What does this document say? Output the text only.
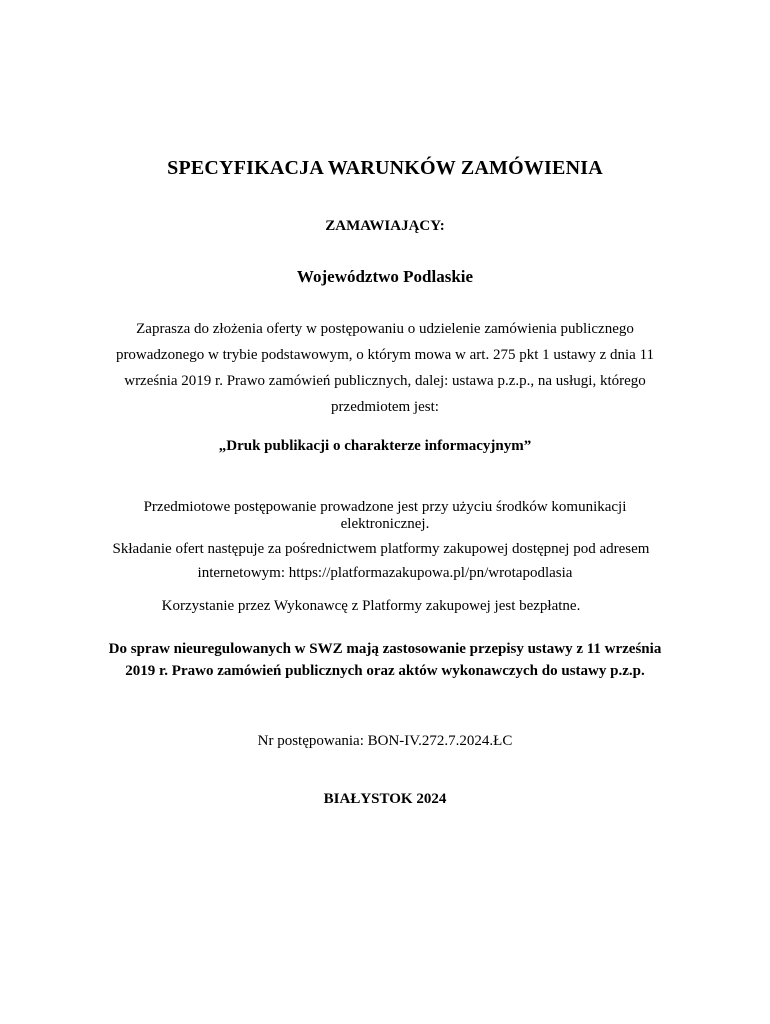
SPECYFIKACJA WARUNKÓW ZAMÓWIENIA
ZAMAWIAJĄCY:
Województwo Podlaskie
Zaprasza do złożenia oferty w postępowaniu o udzielenie zamówienia publicznego
prowadzonego w trybie podstawowym, o którym mowa w art. 275 pkt 1 ustawy z dnia 11
września 2019 r. Prawo zamówień publicznych, dalej: ustawa p.z.p., na usługi, którego
przedmiotem jest:
„Druk publikacji o charakterze informacyjnym”
Przedmiotowe postępowanie prowadzone jest przy użyciu środków komunikacji
elektronicznej.
Składanie ofert następuje za pośrednictwem platformy zakupowej dostępnej pod adresem
internetowym: https://platformazakupowa.pl/pn/wrotapodlasia
Korzystanie przez Wykonawcę z Platformy zakupowej jest bezpłatne.
Do spraw nieuregulowanych w SWZ mają zastosowanie przepisy ustawy z 11 września
2019 r. Prawo zamówień publicznych oraz aktów wykonawczych do ustawy p.z.p.
Nr postępowania: BON-IV.272.7.2024.ŁC
BIAŁYSTOK 2024
